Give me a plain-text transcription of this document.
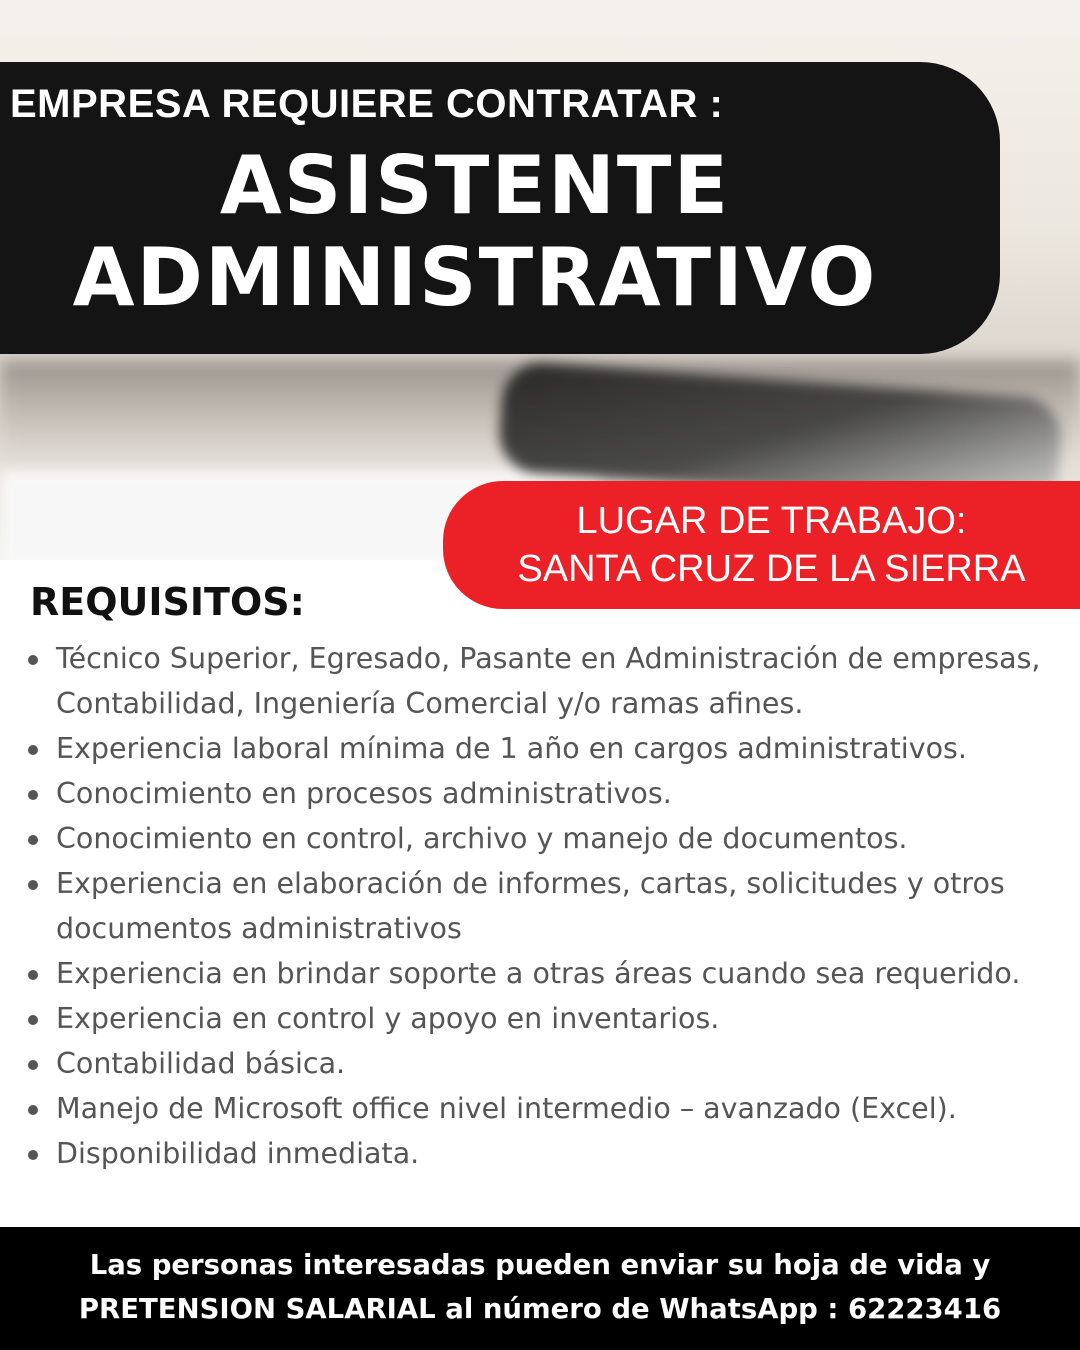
EMPRESA REQUIERE CONTRATAR :
ASISTENTE
ADMINISTRATIVO
LUGAR DE TRABAJO:
SANTA CRUZ DE LA SIERRA
REQUISITOS:
Técnico Superior, Egresado, Pasante en Administración de empresas, Contabilidad, Ingeniería Comercial y/o ramas afines.
Experiencia laboral mínima de 1 año en cargos administrativos.
Conocimiento en procesos administrativos.
Conocimiento en control, archivo y manejo de documentos.
Experiencia en elaboración de informes, cartas, solicitudes y otros documentos administrativos
Experiencia en brindar soporte a otras áreas cuando sea requerido.
Experiencia en control y apoyo en inventarios.
Contabilidad básica.
Manejo de Microsoft office nivel intermedio – avanzado (Excel).
Disponibilidad inmediata.
Las personas interesadas pueden enviar su hoja de vida y
PRETENSION SALARIAL al número de WhatsApp : 62223416
